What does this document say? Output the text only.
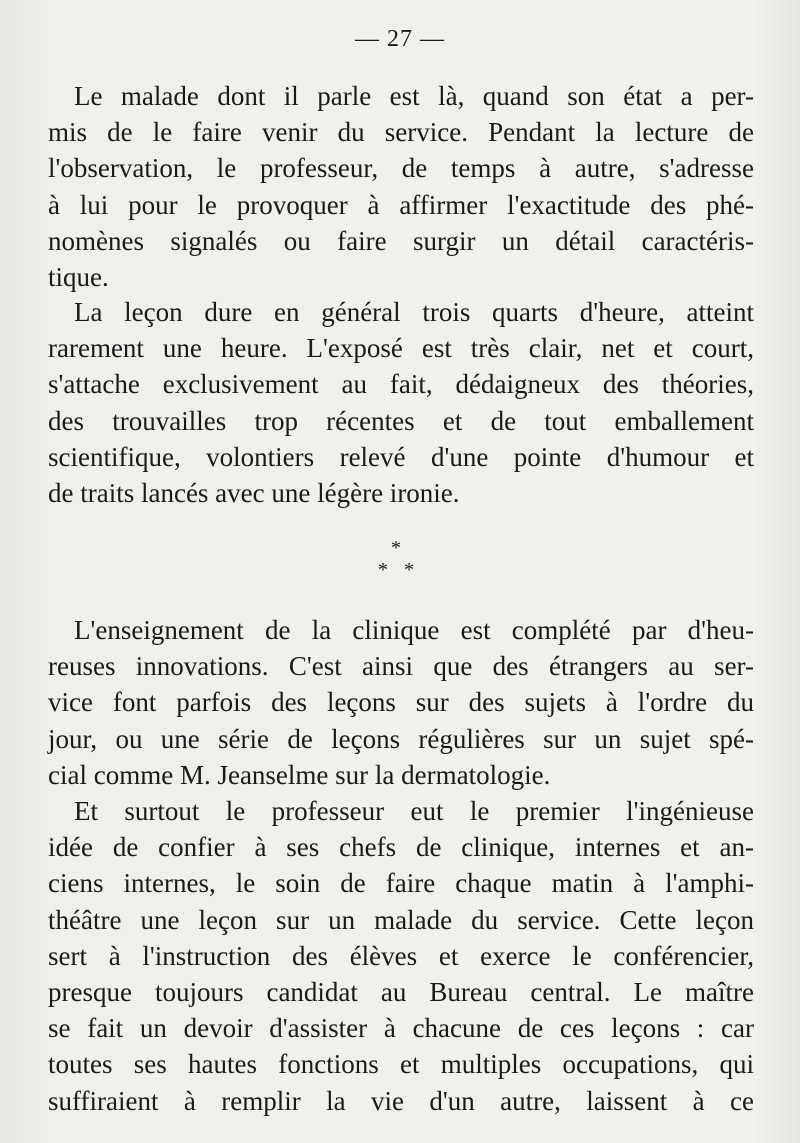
— 27 —
Le malade dont il parle est là, quand son état a per-
mis de le faire venir du service. Pendant la lecture de
l'observation, le professeur, de temps à autre, s'adresse
à lui pour le provoquer à affirmer l'exactitude des phé-
nomènes signalés ou faire surgir un détail caractéris-
tique.
La leçon dure en général trois quarts d'heure, atteint
rarement une heure. L'exposé est très clair, net et court,
s'attache exclusivement au fait, dédaigneux des théories,
des trouvailles trop récentes et de tout emballement
scientifique, volontiers relevé d'une pointe d'humour et
de traits lancés avec une légère ironie.
*
* *
L'enseignement de la clinique est complété par d'heu-
reuses innovations. C'est ainsi que des étrangers au ser-
vice font parfois des leçons sur des sujets à l'ordre du
jour, ou une série de leçons régulières sur un sujet spé-
cial comme M. Jeanselme sur la dermatologie.
Et surtout le professeur eut le premier l'ingénieuse
idée de confier à ses chefs de clinique, internes et an-
ciens internes, le soin de faire chaque matin à l'amphi-
théâtre une leçon sur un malade du service. Cette leçon
sert à l'instruction des élèves et exerce le conférencier,
presque toujours candidat au Bureau central. Le maître
se fait un devoir d'assister à chacune de ces leçons : car
toutes ses hautes fonctions et multiples occupations, qui
suffiraient à remplir la vie d'un autre, laissent à ce
